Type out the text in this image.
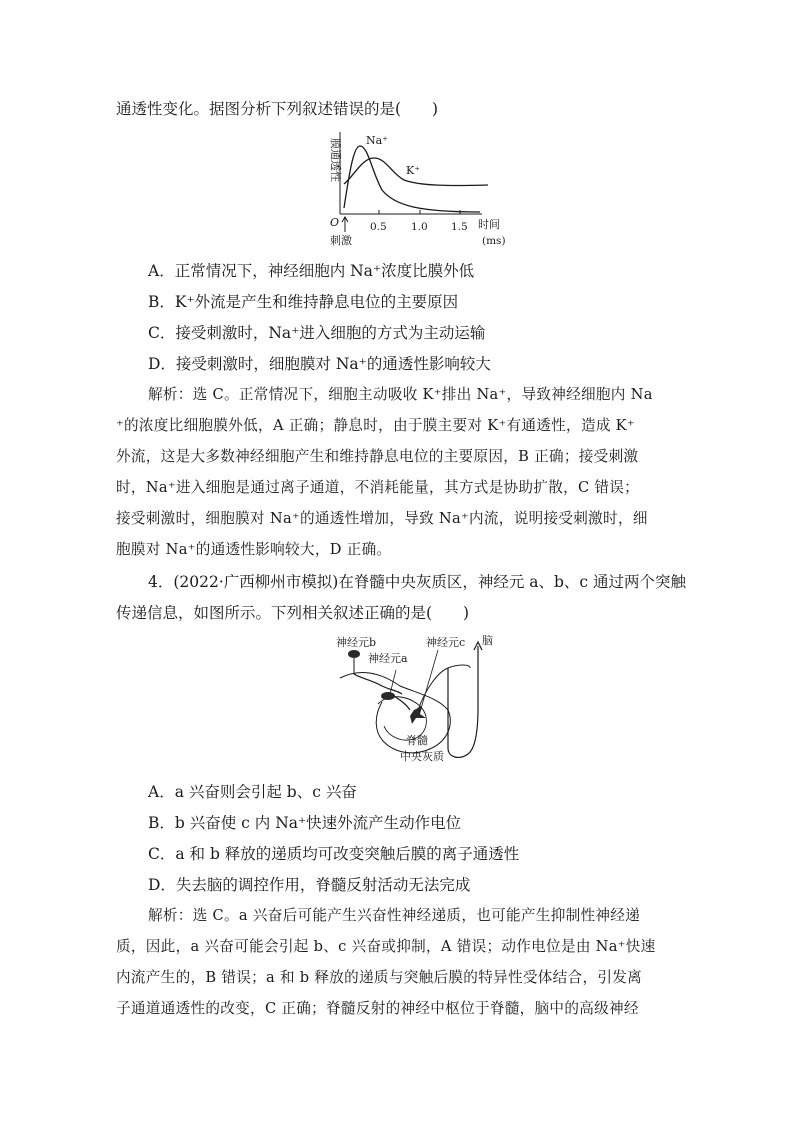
通透性变化。据图分析下列叙述错误的是(　　)
膜通透性
O
Na⁺
K⁺
0.5 1.0 1.5 时间
(ms)
刺激
A．正常情况下，神经细胞内 Na⁺浓度比膜外低
B．K⁺外流是产生和维持静息电位的主要原因
C．接受刺激时，Na⁺进入细胞的方式为主动运输
D．接受刺激时，细胞膜对 Na⁺的通透性影响较大
解析：选 C。正常情况下，细胞主动吸收 K⁺排出 Na⁺，导致神经细胞内 Na
⁺的浓度比细胞膜外低，A 正确；静息时，由于膜主要对 K⁺有通透性，造成 K⁺
外流，这是大多数神经细胞产生和维持静息电位的主要原因，B 正确；接受刺激
时，Na⁺进入细胞是通过离子通道，不消耗能量，其方式是协助扩散，C 错误；
接受刺激时，细胞膜对 Na⁺的通透性增加，导致 Na⁺内流，说明接受刺激时，细
胞膜对 Na⁺的通透性影响较大，D 正确。
4．(2022·广西柳州市模拟)在脊髓中央灰质区，神经元 a、b、c 通过两个突触
传递信息，如图所示。下列相关叙述正确的是(　　)
神经元b
神经元a
神经元c 脑
脊髓
中央灰质
A．a 兴奋则会引起 b、c 兴奋
B．b 兴奋使 c 内 Na⁺快速外流产生动作电位
C．a 和 b 释放的递质均可改变突触后膜的离子通透性
D．失去脑的调控作用，脊髓反射活动无法完成
解析：选 C。a 兴奋后可能产生兴奋性神经递质，也可能产生抑制性神经递
质，因此，a 兴奋可能会引起 b、c 兴奋或抑制，A 错误；动作电位是由 Na⁺快速
内流产生的，B 错误；a 和 b 释放的递质与突触后膜的特异性受体结合，引发离
子通道通透性的改变，C 正确；脊髓反射的神经中枢位于脊髓，脑中的高级神经
